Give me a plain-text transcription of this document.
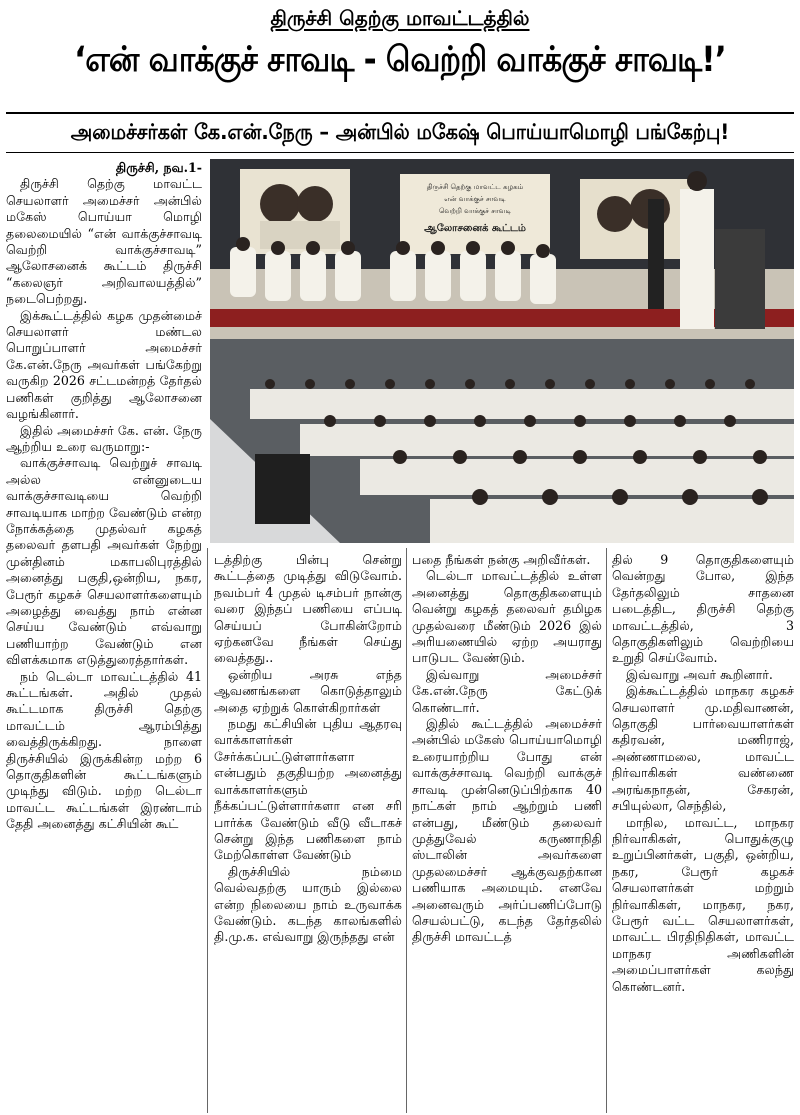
திருச்சி தெற்கு மாவட்டத்தில்
‘என் வாக்குச் சாவடி - வெற்றி வாக்குச் சாவடி!’
அமைச்சர்கள் கே.என்.நேரு – அன்பில் மகேஷ் பொய்யாமொழி பங்கேற்பு!
திருச்சி தெற்கு மாவட்ட கழகம்
என் வாக்குச் சாவடி
வெற்றி வாக்குச் சாவடி
ஆலோசனைக் கூட்டம்

திருச்சி, நவ.1-

திருச்சி தெற்கு மாவட்ட செயலாளர் அமைச்சர் அன்பில் மகேஸ் பொய்யா மொழி தலைமையில் “என் வாக்குச்சாவடி வெற்றி வாக்குச்சாவடி” ஆலோசனைக் கூட்டம் திருச்சி “கலைஞர் அறிவாலயத்தில்” நடைபெற்றது.

இக்கூட்டத்தில் கழக முதன்மைச் செயலாளர் மண்டல பொறுப்பாளர் அமைச்சர் கே.என்.நேரு அவர்கள் பங்கேற்று வருகிற 2026 சட்டமன்றத் தேர்தல் பணிகள் குறித்து ஆலோசனை வழங்கினார்.

இதில் அமைச்சர் கே. என். நேரு ஆற்றிய உரை வருமாறு:-

வாக்குச்சாவடி வெற்றுச் சாவடி அல்ல என்னுடைய வாக்குச்சாவடியை வெற்றி சாவடியாக மாற்ற வேண்டும் என்ற நோக்கத்தை முதல்வர் கழகத் தலைவர் தளபதி அவர்கள் நேற்று முன்தினம் மகாபலிபுரத்தில் அனைத்து பகுதி,ஒன்றிய, நகர, பேரூர் கழகச் செயலாளர்களையும் அழைத்து வைத்து நாம் என்ன செய்ய வேண்டும் எவ்வாறு பணியாற்ற வேண்டும் என விளக்கமாக எடுத்துரைத்தார்கள்.

நம் டெல்டா மாவட்டத்தில் 41 கூட்டங்கள். அதில் முதல் கூட்டமாக திருச்சி தெற்கு மாவட்டம் ஆரம்பித்து வைத்திருக்கிறது. நாளை திருச்சியில் இருக்கின்ற மற்ற 6 தொகுதிகளின் கூட்டங்களும் முடிந்து விடும். மற்ற டெல்டா மாவட்ட கூட்டங்கள் இரண்டாம் தேதி அனைத்து கட்சியின் கூட்

டத்திற்கு பின்பு சென்று கூட்டத்தை முடித்து விடுவோம். நவம்பர் 4 முதல் டிசம்பர் நான்கு வரை இந்தப் பணியை எப்படி செய்யப் போகின்றோம் ஏற்கனவே நீங்கள் செய்து வைத்தது..

ஒன்றிய அரசு எந்த ஆவணங்களை கொடுத்தாலும் அதை ஏற்றுக் கொள்கிறார்கள்

நமது கட்சியின் புதிய ஆதரவு வாக்காளர்கள் சேர்க்கப்பட்டுள்ளார்களா என்பதும் தகுதியற்ற அனைத்து வாக்காளர்களும் நீக்கப்பட்டுள்ளார்களா என சரி பார்க்க வேண்டும் வீடு வீடாகச் சென்று இந்த பணிகளை நாம் மேற்கொள்ள வேண்டும்

திருச்சியில் நம்மை வெல்வதற்கு யாரும் இல்லை என்ற நிலையை நாம் உருவாக்க வேண்டும். கடந்த காலங்களில் தி.மு.க. எவ்வாறு இருந்தது என்

பதை நீங்கள் நன்கு அறிவீர்கள்.

டெல்டா மாவட்டத்தில் உள்ள அனைத்து தொகுதிகளையும் வென்று கழகத் தலைவர் தமிழக முதல்வரை மீண்டும் 2026 இல் அரியணையில் ஏற்ற அயராது பாடுபட வேண்டும்.

இவ்வாறு அமைச்சர் கே.என்.நேரு கேட்டுக் கொண்டார்.

இதில் கூட்டத்தில் அமைச்சர் அன்பில் மகேஸ் பொய்யாமொழி உரையாற்றிய போது என் வாக்குச்சாவடி வெற்றி வாக்குச் சாவடி முன்னெடுப்பிற்காக 40 நாட்கள் நாம் ஆற்றும் பணி என்பது, மீண்டும் தலைவர் முத்துவேல் கருணாநிதி ஸ்டாலின் அவர்களை முதலமைச்சர் ஆக்குவதற்கான பணியாக அமையும். எனவே அனைவரும் அர்ப்பணிப்போடு செயல்பட்டு, கடந்த தேர்தலில் திருச்சி மாவட்டத்

தில் 9 தொகுதிகளையும் வென்றது போல, இந்த தேர்தலிலும் சாதனை படைத்திட, திருச்சி தெற்கு மாவட்டத்தில், 3 தொகுதிகளிலும் வெற்றியை உறுதி செய்வோம்.

இவ்வாறு அவர் கூறினார்.

இக்கூட்டத்தில் மாநகர கழகச் செயலாளர் மு.மதிவாணன், தொகுதி பார்வையாளர்கள் கதிரவன், மணிராஜ், அண்ணாமலை, மாவட்ட நிர்வாகிகள் வண்ணை அரங்கநாதன், சேகரன், சபியுல்லா, செந்தில்,

மாநில, மாவட்ட, மாநகர நிர்வாகிகள், பொதுக்குழு உறுப்பினர்கள், பகுதி, ஒன்றிய, நகர, பேரூர் கழகச் செயலாளர்கள் மற்றும் நிர்வாகிகள், மாநகர, நகர, பேரூர் வட்ட செயலாளர்கள், மாவட்ட பிரதிநிதிகள், மாவட்ட மாநகர அணிகளின் அமைப்பாளர்கள் கலந்து கொண்டனர்.
